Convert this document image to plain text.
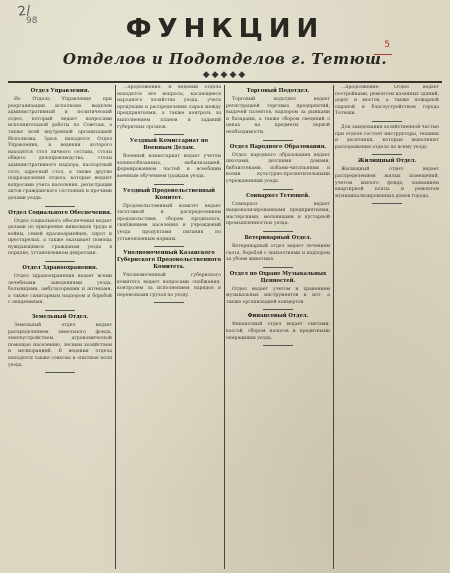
2/
98
5
ФУНКЦИИ
Отделов и Подотделов г. Тетюш.
◆◆◆◆◆
Отдел Управления.
Из Отдела Управления при реорганизации исполкома выделен административный и политический отдел, который ведает вопросами исполнительной работы по Советам, а также всей внутренней организацией Исполкома. Здесь находится Отдел Управления, в ведении которого находятся стол личного состава, столы общего делопроизводства, столы административного надзора, паспортный стол, адресный стол, а также другие подразделения отдела, которые ведают вопросами учета населения, регистрации актов гражданского состояния и прочими делами уезда.
Отдел Социального Обеспечения.
Отдел социального обеспечения ведает делами по призрению инвалидов труда и войны, семей красноармейцев, сирот и престарелых, а также оказывает помощь нуждающимся гражданам уезда в порядке, установленном декретами.
Отдел Здравоохранения.
Отдел здравоохранения ведает всеми лечебными заведениями уезда, больницами, амбулаториями и аптеками, а также санитарным надзором и борьбой с эпидемиями.
Земельный Отдел.
Земельный отдел ведает распределением земельного фонда, землеустройством, агрономической помощью населению, лесным хозяйством и мелиорацией. В ведении отдела находятся также совхозы и опытные поля уезда.
...продолжение. В ведении отдела находятся все вопросы, касающиеся народного хозяйства уезда, учета продукции и распределения сырья между предприятиями, а также контроль за выполнением планов и заданий губернских органов.
Уездный Комиссариат по Военным Делам.
Военный комиссариат ведает учетом военнообязанных, мобилизацией, формированием частей и всеобщим военным обучением граждан уезда.
Уездный Продовольственный Комитет.
Продовольственный комитет ведает заготовкой и распределением продовольствия, сбором продналога, снабжением населения и учреждений уезда продуктами питания по установленным нормам.
Уполномоченный Казанского Губернского Продовольственного Комитета.
Уполномоченный губернского комитета ведает вопросами снабжения, контролем за исполнением нарядов и перевозками грузов по уезду.
Торговый Подотдел.
Торговый подотдел ведает регистрацией торговых предприятий, выдачей патентов, надзором за рынками и базарами, а также сбором сведений о ценах на предметы первой необходимости.
Отдел Народного Образования.
Отдел народного образования ведает школами, детскими домами, библиотеками, избами-читальнями и всеми культурно-просветительными учреждениями уезда.
Совнархоз Тетюшей.
Совнархоз ведает национализированными предприятиями, мастерскими, мельницами и кустарной промышленностью уезда.
Ветеринарный Отдел.
Ветеринарный отдел ведает лечением скота, борьбой с эпизоотиями и надзором за убоем животных.
Отдел по Охране Музыкальных Ценностей.
Отдел ведает учетом и хранением музыкальных инструментов и нот, а также организацией концертов.
Финансовый Отдел.
Финансовый отдел ведает сметами, кассой, сбором налогов и кредитными операциями уезда.
...продолжение. Отдел ведает постройками, ремонтом казенных зданий, дорог и мостов, а также пожарной охраной и благоустройством города Тетюши.
Для заведования хозяйственной частью при отделе состоят инструкторы, техники и десятники, которые выполняют распоряжения отдела по всему уезду.
Жилищный Отдел.
Жилищный отдел ведает распределением жилых помещений, учетом жилого фонда, взиманием квартирной платы и ремонтом муниципализированных домов города.
